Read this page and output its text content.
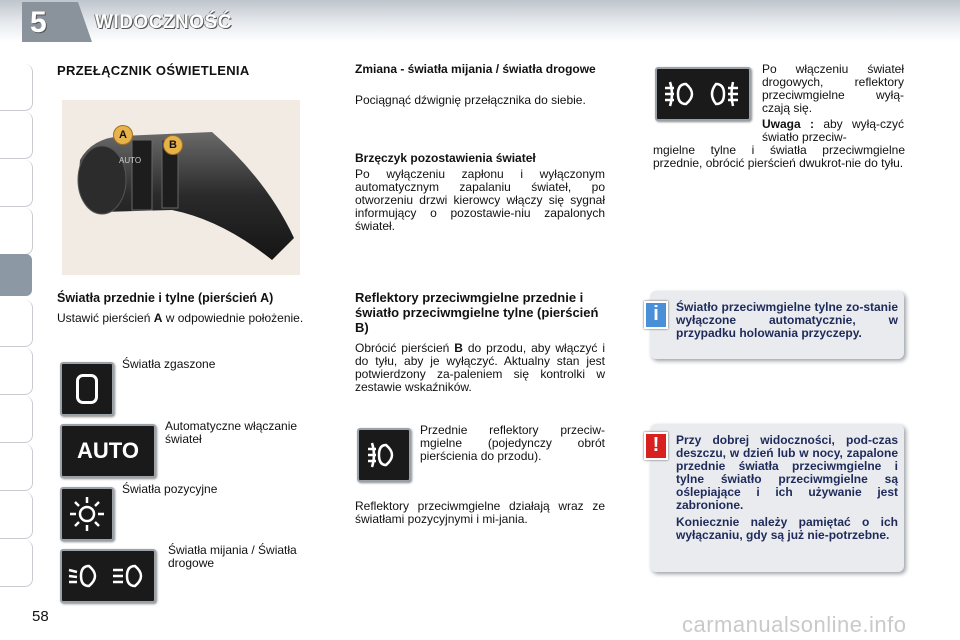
5	WIDOCZNOŚĆ
PRZEŁĄCZNIK OŚWIETLENIA
AUTO
A
B
Światła przednie i tylne (pierścień A)
Ustawić pierścień A w odpowiednie położenie.
Światła zgaszone
AUTO
Automatyczne włączanie świateł
Światła pozycyjne
Światła mijania / Światła drogowe
Zmiana - światła mijania / światła drogowe
Pociągnąć dźwignię przełącznika do siebie.
Brzęczyk pozostawienia świateł
Po wyłączeniu zapłonu i wyłączonym automatycznym zapalaniu świateł, po otworzeniu drzwi kierowcy włączy się sygnał informujący o pozostawie-niu zapalonych świateł.
Reflektory przeciwmgielne przednie i światło przeciwmgielne tylne (pierścień B)
Obrócić pierścień B do przodu, aby włączyć i do tyłu, aby je wyłączyć. Aktualny stan jest potwierdzony za-paleniem się kontrolki w zestawie wskaźników.
Przednie reflektory przeciw-mgielne (pojedynczy obrót pierścienia do przodu).
Reflektory przeciwmgielne działają wraz ze światłami pozycyjnymi i mi-jania.
Po włączeniu świateł drogowych, reflektory przeciwmgielne wyłą-czają się.
Uwaga : aby wyłą-czyć światło przeciw-
mgielne tylne i światła przeciwmgielne przednie, obrócić pierścień dwukrot-nie do tyłu.
i	Światło przeciwmgielne tylne zo-stanie wyłączone automatycznie, w przypadku holowania przyczepy.
!	Przy dobrej widoczności, pod-czas deszczu, w dzień lub w nocy, zapalone przednie światła przeciwmgielne i tylne światło przeciwmgielne są oślepiające i ich używanie jest zabronione.
Koniecznie należy pamiętać o ich wyłączaniu, gdy są już nie-potrzebne.
58	carmanualsonline.info
